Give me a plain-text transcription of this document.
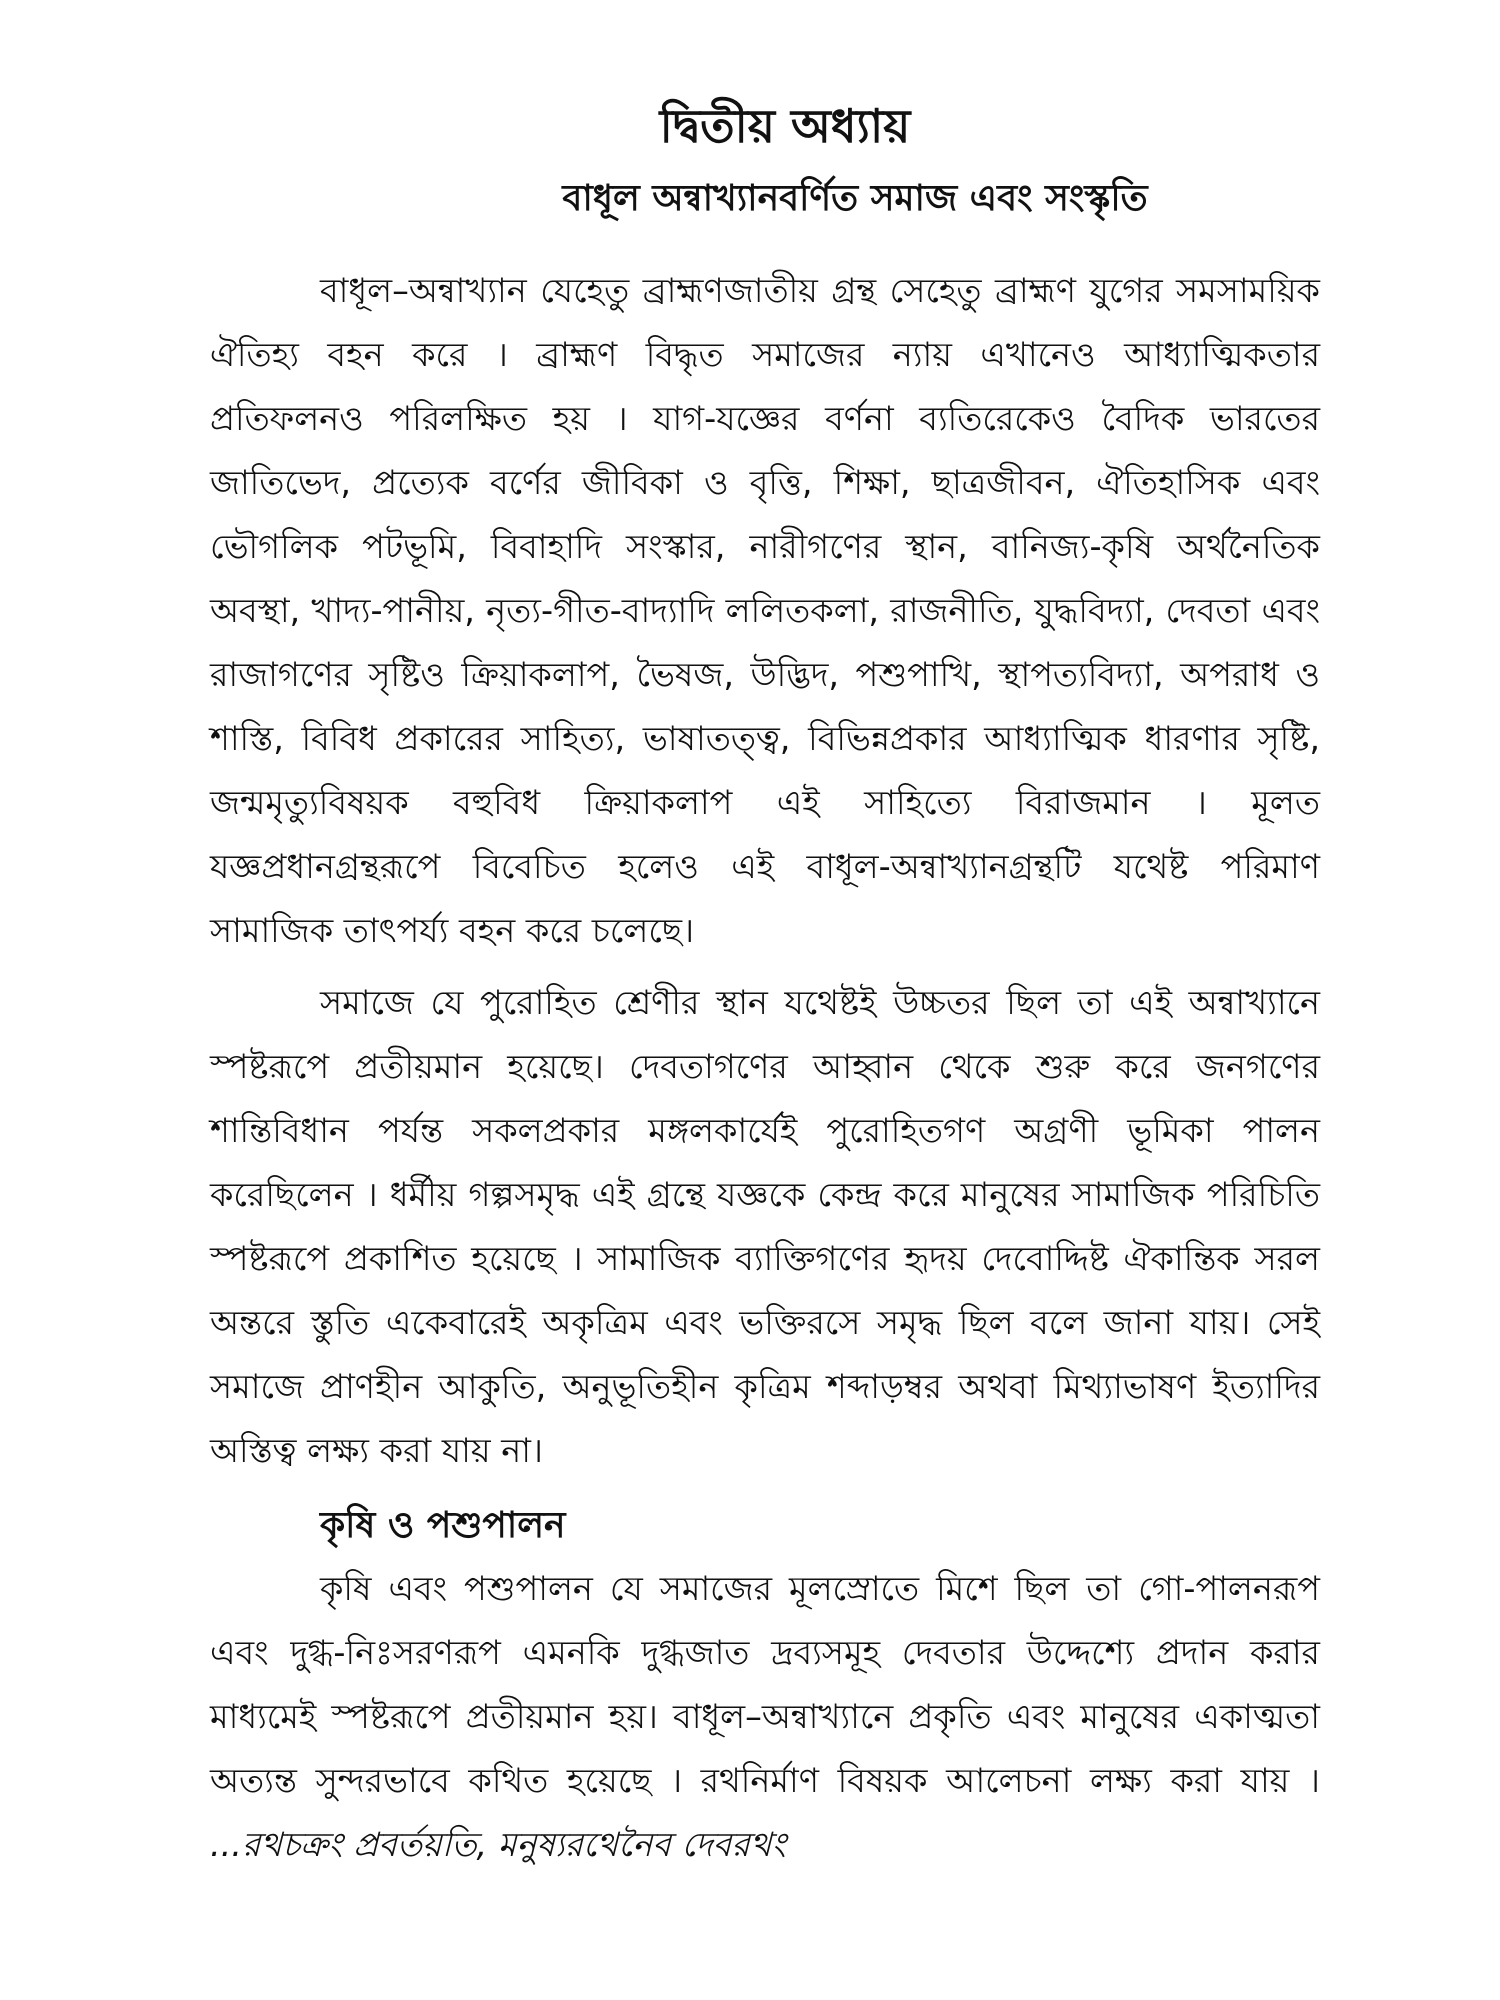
দ্বিতীয় অধ্যায়
বাধূল অন্বাখ্যানবর্ণিত সমাজ এবং সংস্কৃতি

বাধূল–অন্বাখ্যান যেহেতু ব্রাহ্মণজাতীয় গ্রন্থ সেহেতু ব্রাহ্মণ যুগের সমসাময়িক ঐতিহ্য বহন করে । ব্রাহ্মণ বিদ্ধৃত সমাজের ন্যায় এখানেও আধ্যাত্মিকতার প্রতিফলনও পরিলক্ষিত হয় । যাগ-যজ্ঞের বর্ণনা ব্যতিরেকেও বৈদিক ভারতের জাতিভেদ, প্রত্যেক বর্ণের জীবিকা ও বৃত্তি, শিক্ষা, ছাত্রজীবন, ঐতিহাসিক এবং ভৌগলিক পটভূমি, বিবাহাদি সংস্কার, নারীগণের স্থান, বানিজ্য-কৃষি অর্থনৈতিক অবস্থা, খাদ্য-পানীয়, নৃত্য-গীত-বাদ্যাদি ললিতকলা, রাজনীতি, যুদ্ধবিদ্যা, দেবতা এবং রাজাগণের সৃষ্টিও ক্রিয়াকলাপ, ভৈষজ, উদ্ভিদ, পশুপাখি, স্থাপত্যবিদ্যা, অপরাধ ও শাস্তি, বিবিধ প্রকারের সাহিত্য, ভাষাতত্ত্ব, বিভিন্নপ্রকার আধ্যাত্মিক ধারণার সৃষ্টি, জন্মমৃত্যুবিষয়ক বহুবিধ ক্রিয়াকলাপ এই সাহিত্যে বিরাজমান । মূলত যজ্ঞপ্রধানগ্রন্থরূপে বিবেচিত হলেও এই বাধূল-অন্বাখ্যানগ্রন্থটি যথেষ্ট পরিমাণ সামাজিক তাৎপর্য্য বহন করে চলেছে।

সমাজে যে পুরোহিত শ্রেণীর স্থান যথেষ্টই উচ্চতর ছিল তা এই অন্বাখ্যানে স্পষ্টরূপে প্রতীয়মান হয়েছে। দেবতাগণের আহ্বান থেকে শুরু করে জনগণের শান্তিবিধান পর্যন্ত সকলপ্রকার মঙ্গলকার্যেই পুরোহিতগণ অগ্রণী ভূমিকা পালন করেছিলেন । ধর্মীয় গল্পসমৃদ্ধ এই গ্রন্থে যজ্ঞকে কেন্দ্র করে মানুষের সামাজিক পরিচিতি স্পষ্টরূপে প্রকাশিত হয়েছে । সামাজিক ব্যাক্তিগণের হৃদয় দেবোদ্দিষ্ট ঐকান্তিক সরল অন্তরে স্তুতি একেবারেই অকৃত্রিম এবং ভক্তিরসে সমৃদ্ধ ছিল বলে জানা যায়। সেই সমাজে প্রাণহীন আকুতি, অনুভূতিহীন কৃত্রিম শব্দাড়ম্বর অথবা মিথ্যাভাষণ ইত্যাদির অস্তিত্ব লক্ষ্য করা যায় না।

কৃষি ও পশুপালন

কৃষি এবং পশুপালন যে সমাজের মূলস্রোতে মিশে ছিল তা গো-পালনরূপ এবং দুগ্ধ-নিঃসরণরূপ এমনকি দুগ্ধজাত দ্রব্যসমূহ দেবতার উদ্দেশ্যে প্রদান করার মাধ্যমেই স্পষ্টরূপে প্রতীয়মান হয়। বাধূল–অন্বাখ্যানে প্রকৃতি এবং মানুষের একাত্মতা অত্যন্ত সুন্দরভাবে কথিত হয়েছে । রথনির্মাণ বিষয়ক আলেচনা লক্ষ্য করা যায় । ...রথচক্রং প্রবর্তয়তি, মনুষ্যরথেনৈব দেবরথং
